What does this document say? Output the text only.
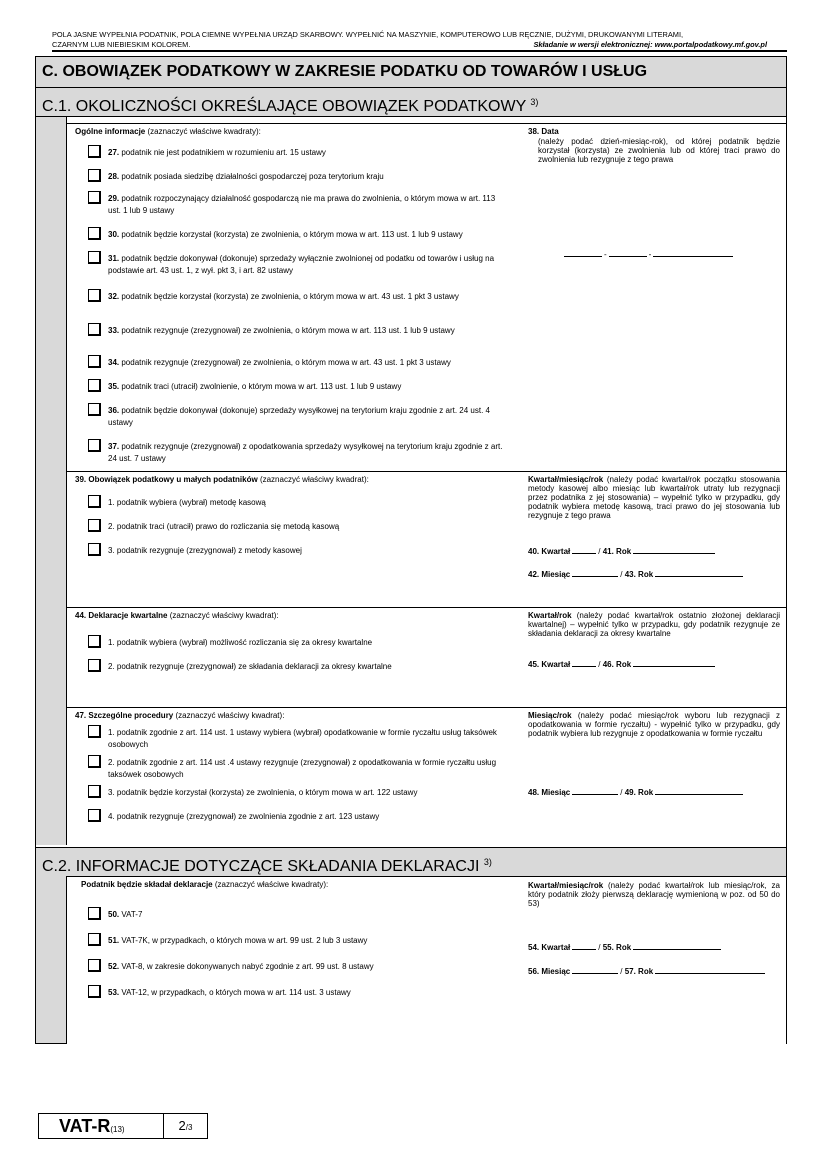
POLA JASNE WYPEŁNIA PODATNIK, POLA CIEMNE WYPEŁNIA URZĄD SKARBOWY. WYPEŁNIĆ NA MASZYNIE, KOMPUTEROWO LUB RĘCZNIE, DUŻYMI, DRUKOWANYMI LITERAMI,
CZARNYM LUB NIEBIESKIM KOLOREM.	Składanie w wersji elektronicznej: www.portalpodatkowy.mf.gov.pl
C. OBOWIĄZEK PODATKOWY W ZAKRESIE PODATKU OD TOWARÓW I USŁUG
C.1. OKOLICZNOŚCI OKREŚLAJĄCE OBOWIĄZEK PODATKOWY $^{3)}$
Ogólne informacje (zaznaczyć właściwe kwadraty):	38. Data
(należy podać dzień-miesiąc-rok), od której podatnik będzie korzystał (korzysta) ze zwolnienia lub od której traci prawo do zwolnienia lub rezygnuje z tego prawa
-	-
39. Obowiązek podatkowy u małych podatników (zaznaczyć właściwy kwadrat):	Kwartał/miesiąc/rok (należy podać kwartał/rok początku stosowania metody kasowej albo miesiąc lub kwartał/rok utraty lub rezygnacji przez podatnika z jej stosowania) – wypełnić tylko w przypadku, gdy podatnik wybiera metodę kasową, traci prawo do jej stosowania lub rezygnuje z tego prawa
40. Kwartał	/ 41. Rok
42. Miesiąc	/ 43. Rok
44. Deklaracje kwartalne (zaznaczyć właściwy kwadrat):	Kwartał/rok (należy podać kwartał/rok ostatnio złożonej deklaracji kwartalnej) – wypełnić tylko w przypadku, gdy podatnik rezygnuje ze składania deklaracji za okresy kwartalne
45. Kwartał	/ 46. Rok
47. Szczególne procedury (zaznaczyć właściwy kwadrat):	Miesiąc/rok (należy podać miesiąc/rok wyboru lub rezygnacji z opodatkowania w formie ryczałtu) - wypełnić tylko w przypadku, gdy podatnik wybiera lub rezygnuje z opodatkowania w formie ryczałtu
48. Miesiąc	/ 49. Rok
C.2. INFORMACJE DOTYCZĄCE SKŁADANIA DEKLARACJI $^{3)}$
Podatnik będzie składał deklaracje (zaznaczyć właściwe kwadraty):	Kwartał/miesiąc/rok (należy podać kwartał/rok lub miesiąc/rok, za który podatnik złoży pierwszą deklarację wymienioną w poz. od 50 do 53)
54. Kwartał	/ 55. Rok
56. Miesiąc	/ 57. Rok
27. podatnik nie jest podatnikiem w rozumieniu art. 15 ustawy
28. podatnik posiada siedzibę działalności gospodarczej poza terytorium kraju
29. podatnik rozpoczynający działalność gospodarczą nie ma prawa do zwolnienia, o którym mowa w art. 113 ust. 1 lub 9 ustawy
30. podatnik będzie korzystał (korzysta) ze zwolnienia, o którym mowa w art. 113 ust. 1 lub 9 ustawy
31. podatnik będzie dokonywał (dokonuje) sprzedaży wyłącznie zwolnionej od podatku od towarów i usług na podstawie art. 43 ust. 1, z wył. pkt 3, i art. 82 ustawy
32. podatnik będzie korzystał (korzysta) ze zwolnienia, o którym mowa w art. 43 ust. 1 pkt 3 ustawy
33. podatnik rezygnuje (zrezygnował) ze zwolnienia, o którym mowa w art. 113 ust. 1 lub 9 ustawy
34. podatnik rezygnuje (zrezygnował) ze zwolnienia, o którym mowa w art. 43 ust. 1 pkt 3 ustawy
35. podatnik traci (utracił) zwolnienie, o którym mowa w art. 113 ust. 1 lub 9 ustawy
36. podatnik będzie dokonywał (dokonuje) sprzedaży wysyłkowej na terytorium kraju zgodnie z art. 24 ust. 4 ustawy
37. podatnik rezygnuje (zrezygnował) z opodatkowania sprzedaży wysyłkowej na terytorium kraju zgodnie z art. 24 ust. 7 ustawy
1. podatnik wybiera (wybrał) metodę kasową
2. podatnik traci (utracił) prawo do rozliczania się metodą kasową
3. podatnik rezygnuje (zrezygnował) z metody kasowej
1. podatnik wybiera (wybrał) możliwość rozliczania się za okresy kwartalne
2. podatnik rezygnuje (zrezygnował) ze składania deklaracji za okresy kwartalne
1. podatnik zgodnie z art. 114 ust. 1 ustawy wybiera (wybrał) opodatkowanie w formie ryczałtu usług taksówek osobowych
2. podatnik zgodnie z art. 114 ust .4 ustawy rezygnuje (zrezygnował) z opodatkowania w formie ryczałtu usług taksówek osobowych
3. podatnik będzie korzystał (korzysta) ze zwolnienia, o którym mowa w art. 122 ustawy
4. podatnik rezygnuje (zrezygnował) ze zwolnienia zgodnie z art. 123 ustawy
50. VAT-7
51. VAT-7K, w przypadkach, o których mowa w art. 99 ust. 2 lub 3 ustawy
52. VAT-8, w zakresie dokonywanych nabyć zgodnie z art. 99 ust. 8 ustawy
53. VAT-12, w przypadkach, o których mowa w art. 114 ust. 3 ustawy
VAT-R(13)	2/3
